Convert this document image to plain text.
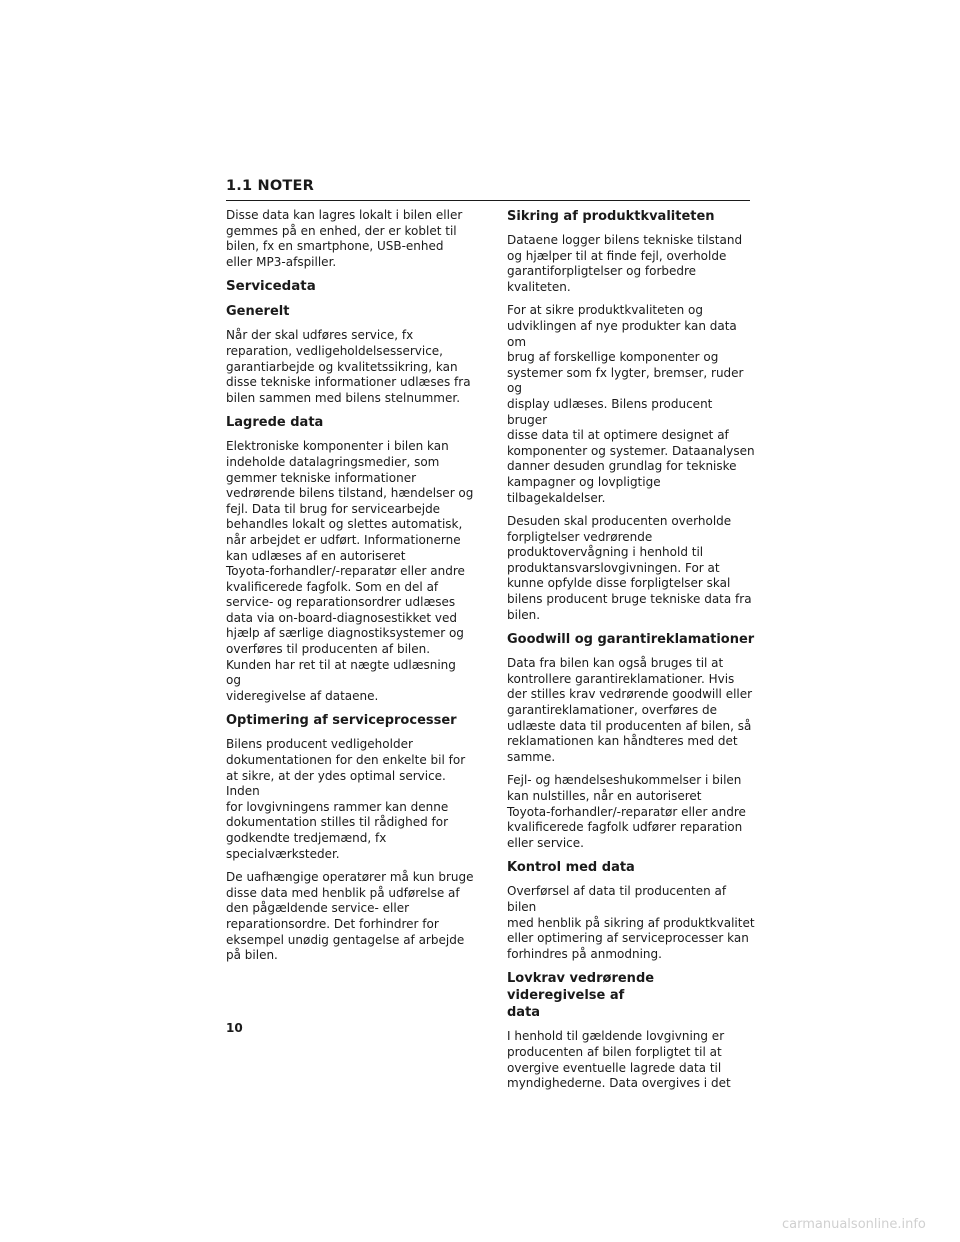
1.1 NOTER

Disse data kan lagres lokalt i bilen eller
gemmes på en enhed, der er koblet til
bilen, fx en smartphone, USB-enhed
eller MP3-afspiller.

Servicedata
Generelt

Når der skal udføres service, fx
reparation, vedligeholdelsesservice,
garantiarbejde og kvalitetssikring, kan
disse tekniske informationer udlæses fra
bilen sammen med bilens stelnummer.

Lagrede data

Elektroniske komponenter i bilen kan
indeholde datalagringsmedier, som
gemmer tekniske informationer
vedrørende bilens tilstand, hændelser og
fejl. Data til brug for servicearbejde
behandles lokalt og slettes automatisk,
når arbejdet er udført. Informationerne
kan udlæses af en autoriseret
Toyota-forhandler/-reparatør eller andre
kvalificerede fagfolk. Som en del af
service- og reparationsordrer udlæses
data via on-board-diagnosestikket ved
hjælp af særlige diagnostiksystemer og
overføres til producenten af bilen.
Kunden har ret til at nægte udlæsning og
videregivelse af dataene.

Optimering af serviceprocesser

Bilens producent vedligeholder
dokumentationen for den enkelte bil for
at sikre, at der ydes optimal service. Inden
for lovgivningens rammer kan denne
dokumentation stilles til rådighed for
godkendte tredjemænd, fx
specialværksteder.

De uafhængige operatører må kun bruge
disse data med henblik på udførelse af
den pågældende service- eller
reparationsordre. Det forhindrer for
eksempel unødig gentagelse af arbejde
på bilen.

Sikring af produktkvaliteten

Dataene logger bilens tekniske tilstand
og hjælper til at finde fejl, overholde
garantiforpligtelser og forbedre
kvaliteten.

For at sikre produktkvaliteten og
udviklingen af nye produkter kan data om
brug af forskellige komponenter og
systemer som fx lygter, bremser, ruder og
display udlæses. Bilens producent bruger
disse data til at optimere designet af
komponenter og systemer. Dataanalysen
danner desuden grundlag for tekniske
kampagner og lovpligtige
tilbagekaldelser.

Desuden skal producenten overholde
forpligtelser vedrørende
produktovervågning i henhold til
produktansvarslovgivningen. For at
kunne opfylde disse forpligtelser skal
bilens producent bruge tekniske data fra
bilen.

Goodwill og garantireklamationer

Data fra bilen kan også bruges til at
kontrollere garantireklamationer. Hvis
der stilles krav vedrørende goodwill eller
garantireklamationer, overføres de
udlæste data til producenten af bilen, så
reklamationen kan håndteres med det
samme.

Fejl- og hændelseshukommelser i bilen
kan nulstilles, når en autoriseret
Toyota-forhandler/-reparatør eller andre
kvalificerede fagfolk udfører reparation
eller service.

Kontrol med data

Overførsel af data til producenten af bilen
med henblik på sikring af produktkvalitet
eller optimering af serviceprocesser kan
forhindres på anmodning.

Lovkrav vedrørende videregivelse af
data

I henhold til gældende lovgivning er
producenten af bilen forpligtet til at
overgive eventuelle lagrede data til
myndighederne. Data overgives i det

10
carmanualsonline.info
